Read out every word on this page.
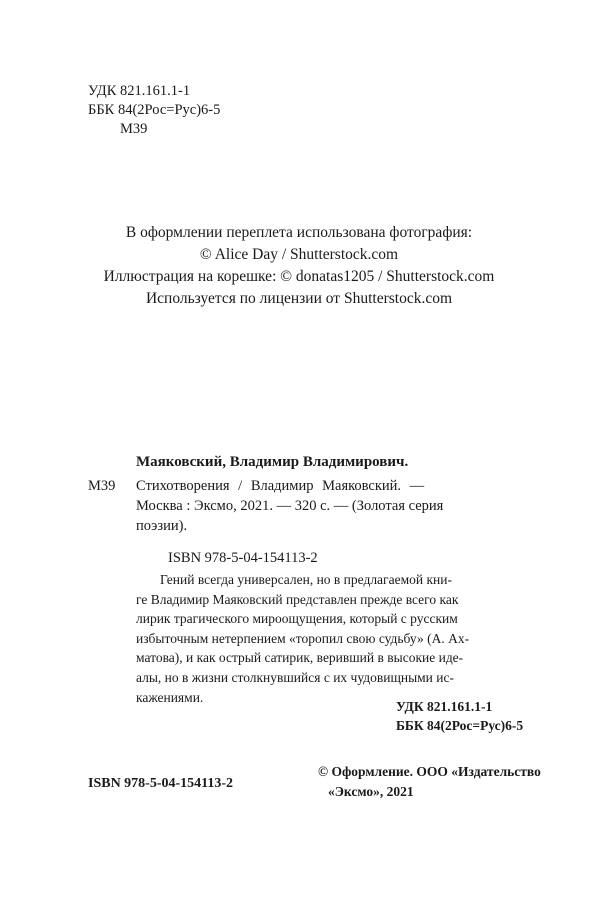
УДК 821.161.1-1
ББК 84(2Рос=Рус)6-5
М39
В оформлении переплета использована фотография:
© Alice Day / Shutterstock.com
Иллюстрация на корешке: © donatas1205 / Shutterstock.com
Используется по лицензии от Shutterstock.com
Маяковский, Владимир Владимирович.
М39 Стихотворения / Владимир Маяковский. —
Москва : Эксмо, 2021. — 320 с. — (Золотая серия
поэзии).
ISBN 978-5-04-154113-2
Гений всегда универсален, но в предлагаемой кни-
ге Владимир Маяковский представлен прежде всего как
лирик трагического мироощущения, который с русским
избыточным нетерпением «торопил свою судьбу» (А. Ах-
матова), и как острый сатирик, веривший в высокие иде-
алы, но в жизни столкнувшийся с их чудовищными ис-
кажениями.
УДК 821.161.1-1
ББК 84(2Рос=Рус)6-5
ISBN 978-5-04-154113-2
© Оформление. ООО «Издательство
«Эксмо», 2021
